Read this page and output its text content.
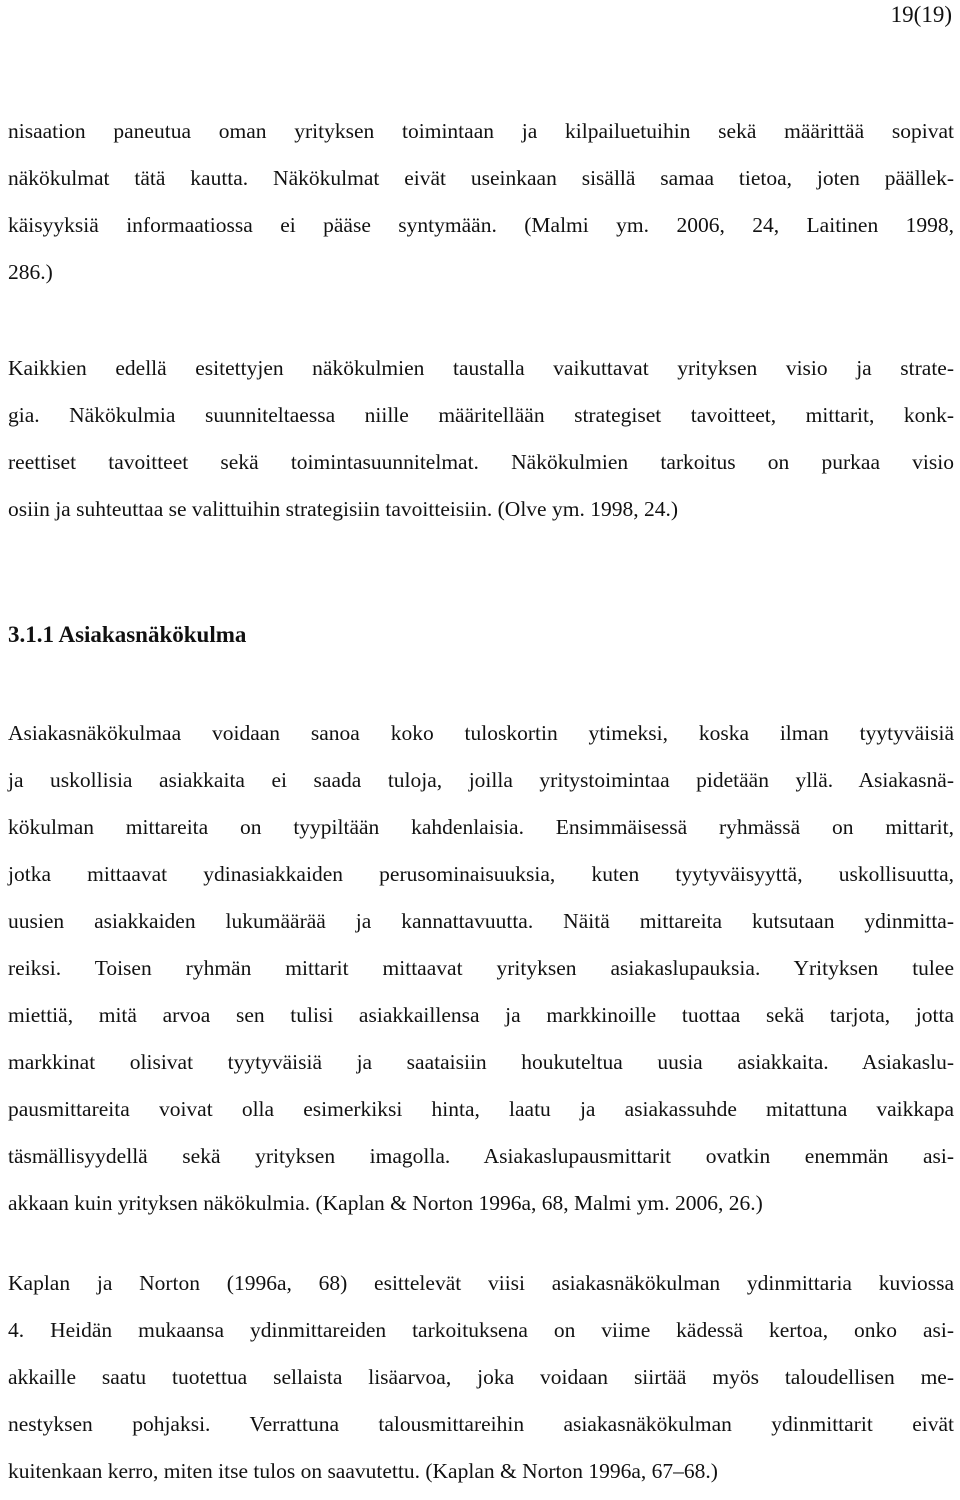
19(19)
nisaation paneutua oman yrityksen toimintaan ja kilpailuetuihin sekä määrittää sopivat
näkökulmat tätä kautta. Näkökulmat eivät useinkaan sisällä samaa tietoa, joten päällek-
käisyyksiä informaatiossa ei pääse syntymään. (Malmi ym. 2006, 24, Laitinen 1998,
286.)
Kaikkien edellä esitettyjen näkökulmien taustalla vaikuttavat yrityksen visio ja strate-
gia. Näkökulmia suunniteltaessa niille määritellään strategiset tavoitteet, mittarit, konk-
reettiset tavoitteet sekä toimintasuunnitelmat. Näkökulmien tarkoitus on purkaa visio
osiin ja suhteuttaa se valittuihin strategisiin tavoitteisiin. (Olve ym. 1998, 24.)
3.1.1 Asiakasnäkökulma
Asiakasnäkökulmaa voidaan sanoa koko tuloskortin ytimeksi, koska ilman tyytyväisiä
ja uskollisia asiakkaita ei saada tuloja, joilla yritystoimintaa pidetään yllä. Asiakasnä-
kökulman mittareita on tyypiltään kahdenlaisia. Ensimmäisessä ryhmässä on mittarit,
jotka mittaavat ydinasiakkaiden perusominaisuuksia, kuten tyytyväisyyttä, uskollisuutta,
uusien asiakkaiden lukumäärää ja kannattavuutta. Näitä mittareita kutsutaan ydinmitta-
reiksi. Toisen ryhmän mittarit mittaavat yrityksen asiakaslupauksia. Yrityksen tulee
miettiä, mitä arvoa sen tulisi asiakkaillensa ja markkinoille tuottaa sekä tarjota, jotta
markkinat olisivat tyytyväisiä ja saataisiin houkuteltua uusia asiakkaita. Asiakaslu-
pausmittareita voivat olla esimerkiksi hinta, laatu ja asiakassuhde mitattuna vaikkapa
täsmällisyydellä sekä yrityksen imagolla. Asiakaslupausmittarit ovatkin enemmän asi-
akkaan kuin yrityksen näkökulmia. (Kaplan & Norton 1996a, 68, Malmi ym. 2006, 26.)
Kaplan ja Norton (1996a, 68) esittelevät viisi asiakasnäkökulman ydinmittaria kuviossa
4. Heidän mukaansa ydinmittareiden tarkoituksena on viime kädessä kertoa, onko asi-
akkaille saatu tuotettua sellaista lisäarvoa, joka voidaan siirtää myös taloudellisen me-
nestyksen pohjaksi. Verrattuna talousmittareihin asiakasnäkökulman ydinmittarit eivät
kuitenkaan kerro, miten itse tulos on saavutettu. (Kaplan & Norton 1996a, 67–68.)
